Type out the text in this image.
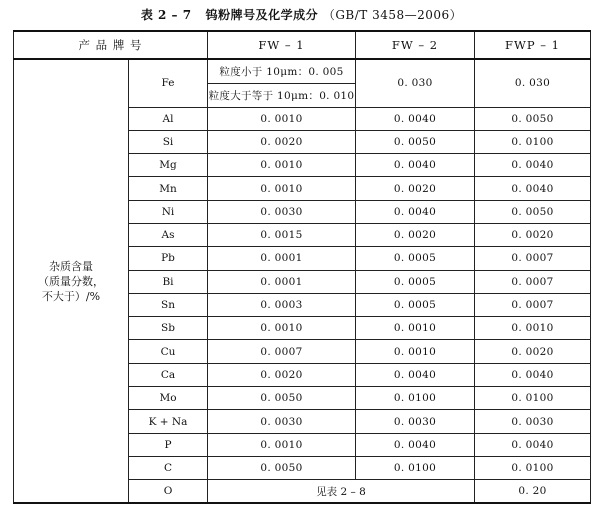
表 2 – 7 钨粉牌号及化学成分 （GB/T 3458—2006）
产 品 牌 号		FW – 1	FW – 2	FWP – 1
杂质含量
（质量分数，
不大于）/%	Fe	粒度小于 10μm：0. 005	0. 030	0. 030
		粒度大于等于 10μm：0. 010		
	Al	0. 0010	0. 0040	0. 0050
	Si	0. 0020	0. 0050	0. 0100
	Mg	0. 0010	0. 0040	0. 0040
	Mn	0. 0010	0. 0020	0. 0040
	Ni	0. 0030	0. 0040	0. 0050
	As	0. 0015	0. 0020	0. 0020
	Pb	0. 0001	0. 0005	0. 0007
	Bi	0. 0001	0. 0005	0. 0007
	Sn	0. 0003	0. 0005	0. 0007
	Sb	0. 0010	0. 0010	0. 0010
	Cu	0. 0007	0. 0010	0. 0020
	Ca	0. 0020	0. 0040	0. 0040
	Mo	0. 0050	0. 0100	0. 0100
	K + Na	0. 0030	0. 0030	0. 0030
	P	0. 0010	0. 0040	0. 0040
	C	0. 0050	0. 0100	0. 0100
	O	见表 2 – 8		0. 20
